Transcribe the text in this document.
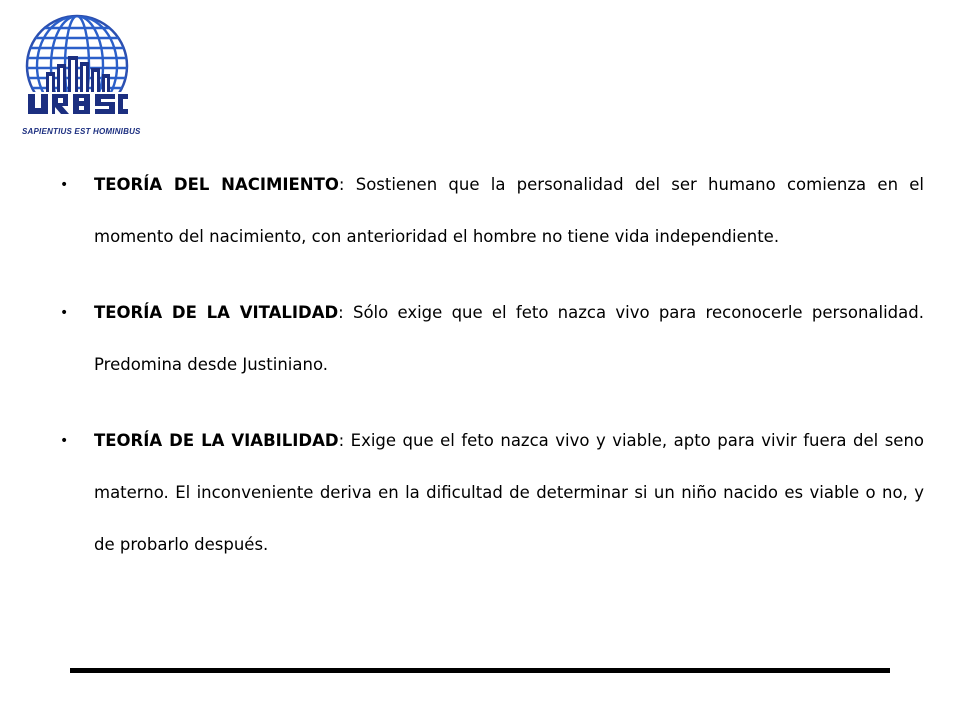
SAPIENTIUS EST HOMINIBUS
•	TEORÍA DEL NACIMIENTO: Sostienen que la personalidad del ser humano comienza en el momento del nacimiento, con anterioridad el hombre no tiene vida independiente.
•	TEORÍA DE LA VITALIDAD: Sólo exige que el feto nazca vivo para reconocerle personalidad. Predomina desde Justiniano.
•	TEORÍA DE LA VIABILIDAD: Exige que el feto nazca vivo y viable, apto para vivir fuera del seno materno. El inconveniente deriva en la dificultad de determinar si un niño nacido es viable o no, y de probarlo después.
